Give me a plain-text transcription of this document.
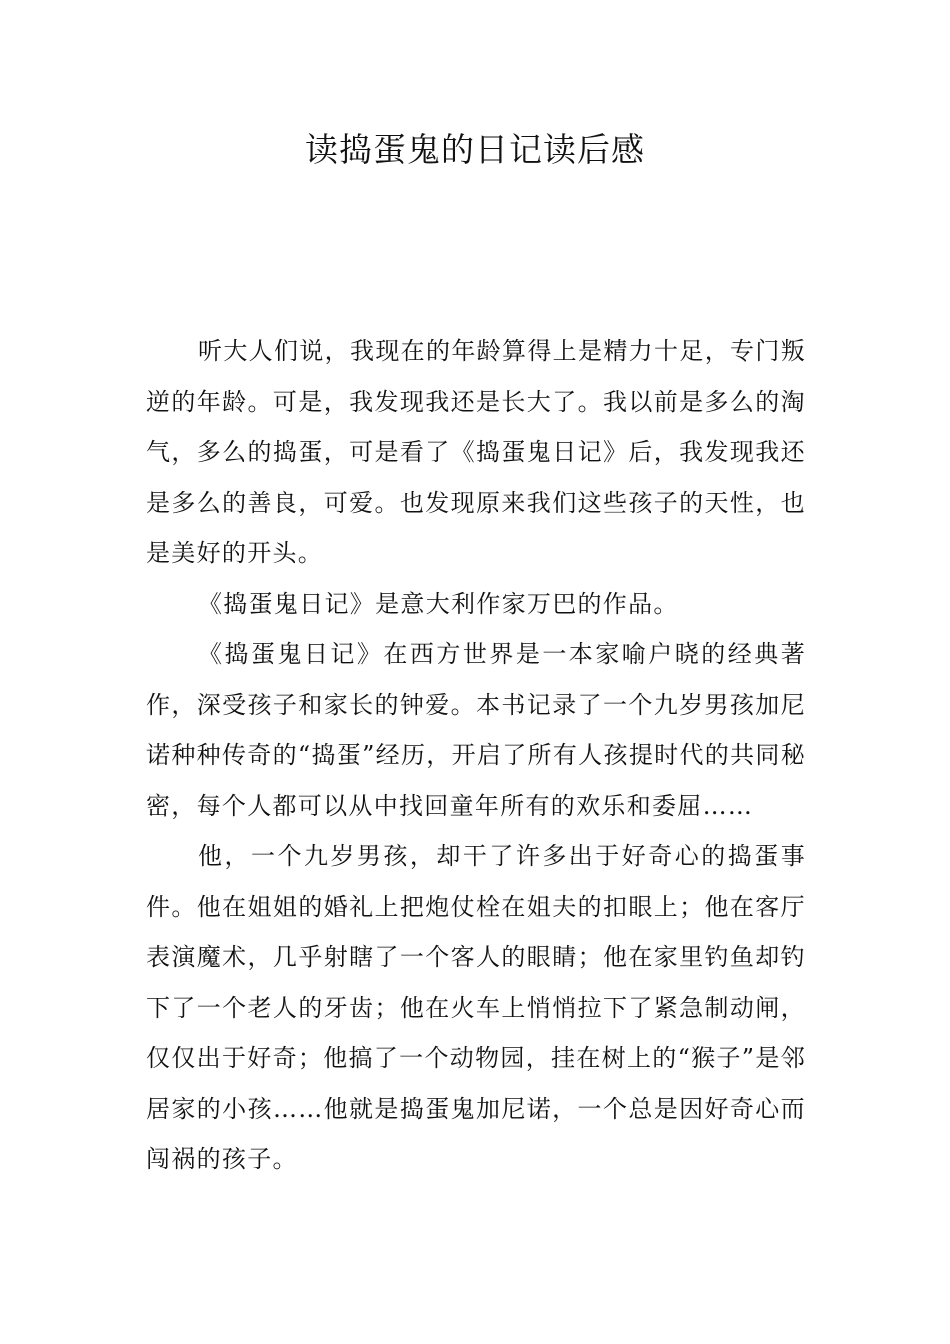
读捣蛋鬼的日记读后感

听大人们说，我现在的年龄算得上是精力十足，专门叛逆的年龄。可是，我发现我还是长大了。我以前是多么的淘气，多么的捣蛋，可是看了《捣蛋鬼日记》后，我发现我还是多么的善良，可爱。也发现原来我们这些孩子的天性，也是美好的开头。

《捣蛋鬼日记》是意大利作家万巴的作品。

《捣蛋鬼日记》在西方世界是一本家喻户晓的经典著作，深受孩子和家长的钟爱。本书记录了一个九岁男孩加尼诺种种传奇的“捣蛋”经历，开启了所有人孩提时代的共同秘密，每个人都可以从中找回童年所有的欢乐和委屈……

他，一个九岁男孩，却干了许多出于好奇心的捣蛋事件。他在姐姐的婚礼上把炮仗栓在姐夫的扣眼上；他在客厅表演魔术，几乎射瞎了一个客人的眼睛；他在家里钓鱼却钓下了一个老人的牙齿；他在火车上悄悄拉下了紧急制动闸，仅仅出于好奇；他搞了一个动物园，挂在树上的“猴子”是邻居家的小孩……他就是捣蛋鬼加尼诺，一个总是因好奇心而闯祸的孩子。
